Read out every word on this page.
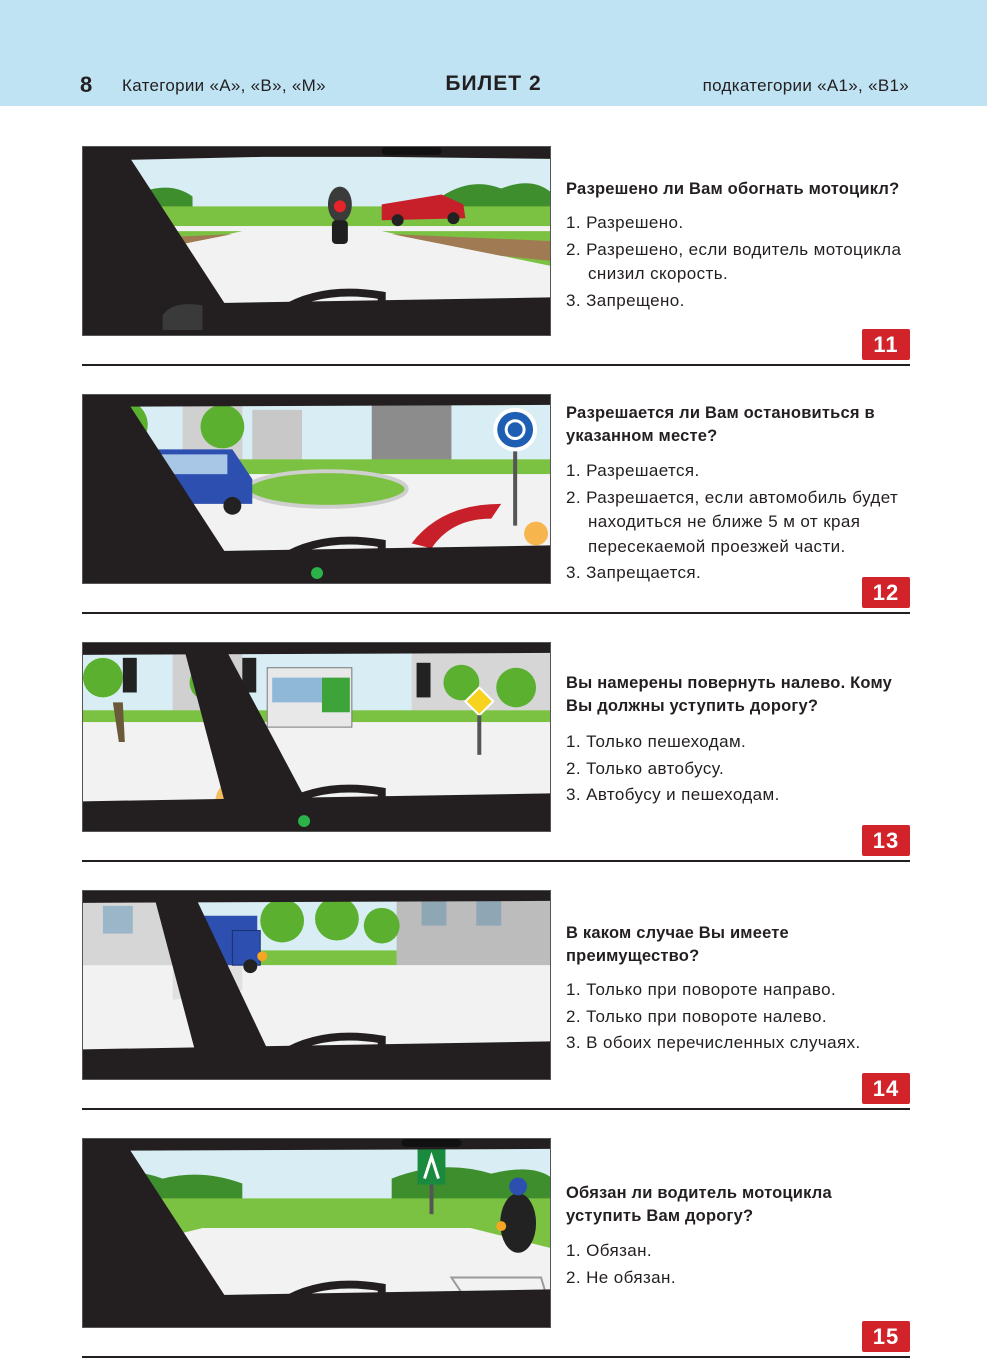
8 Категории «A», «B», «M»	БИЛЕТ 2	подкатегории «A1», «B1»
Разрешено ли Вам обогнать мотоцикл?
1. Разрешено.
2. Разрешено, если водитель мотоцикла снизил скорость.
3. Запрещено.
11
Разрешается ли Вам остановиться в указанном месте?
1. Разрешается.
2. Разрешается, если автомобиль будет находиться не ближе 5 м от края пересекаемой проезжей части.
3. Запрещается.
12
Вы намерены повернуть налево. Кому Вы должны уступить дорогу?
1. Только пешеходам.
2. Только автобусу.
3. Автобусу и пешеходам.
13
В каком случае Вы имеете преимущество?
1. Только при повороте направо.
2. Только при повороте налево.
3. В обоих перечисленных случаях.
14
Обязан ли водитель мотоцикла уступить Вам дорогу?
1. Обязан.
2. Не обязан.
15
